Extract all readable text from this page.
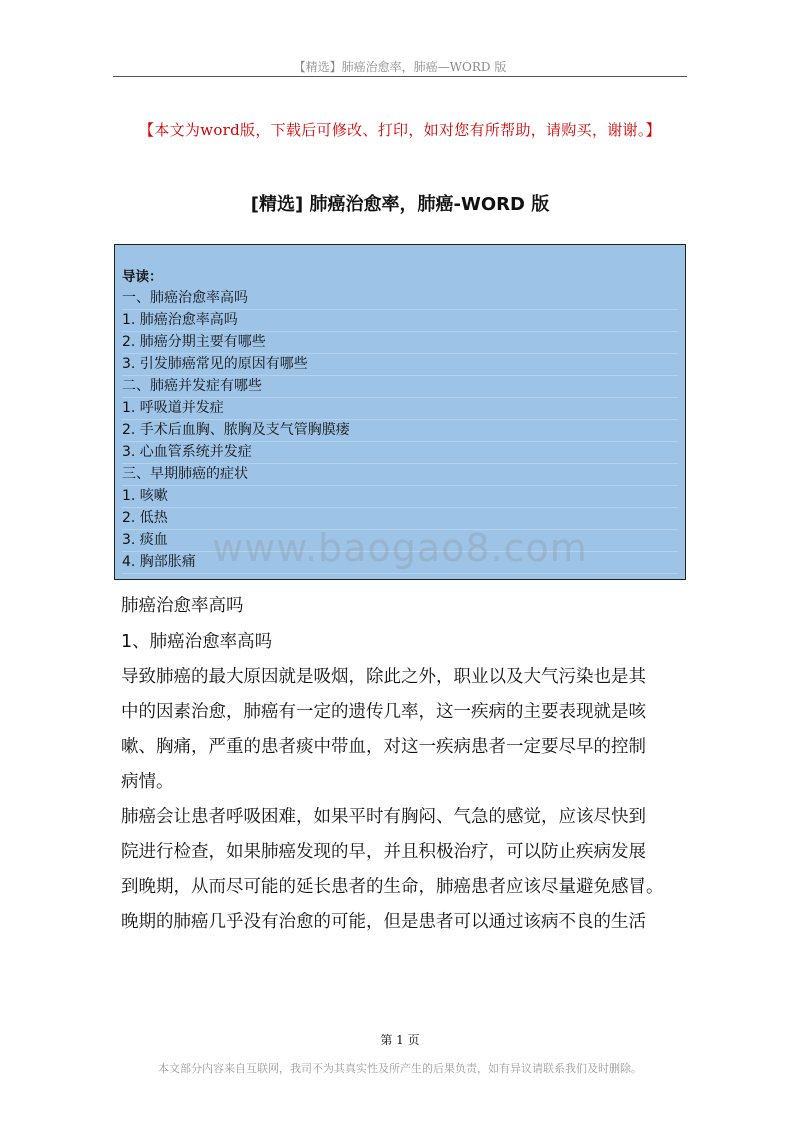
【精选】肺癌治愈率，肺癌—WORD 版
【本文为word版，下载后可修改、打印，如对您有所帮助，请购买，谢谢。】
[精选] 肺癌治愈率，肺癌-WORD 版
导读：
一、肺癌治愈率高吗
1. 肺癌治愈率高吗
2. 肺癌分期主要有哪些
3. 引发肺癌常见的原因有哪些
二、肺癌并发症有哪些
1. 呼吸道并发症
2. 手术后血胸、脓胸及支气管胸膜瘘
3. 心血管系统并发症
三、早期肺癌的症状
1. 咳嗽
2. 低热
3. 痰血
4. 胸部胀痛 www.baogao8.com

肺癌治愈率高吗

1、肺癌治愈率高吗

导致肺癌的最大原因就是吸烟，除此之外，职业以及大气污染也是其

中的因素治愈，肺癌有一定的遗传几率，这一疾病的主要表现就是咳

嗽、胸痛，严重的患者痰中带血，对这一疾病患者一定要尽早的控制

病情。

肺癌会让患者呼吸困难，如果平时有胸闷、气急的感觉，应该尽快到

院进行检查，如果肺癌发现的早，并且积极治疗，可以防止疾病发展

到晚期，从而尽可能的延长患者的生命，肺癌患者应该尽量避免感冒。

晚期的肺癌几乎没有治愈的可能，但是患者可以通过该病不良的生活

第 1 页
本文部分内容来自互联网，我司不为其真实性及所产生的后果负责，如有异议请联系我们及时删除。
